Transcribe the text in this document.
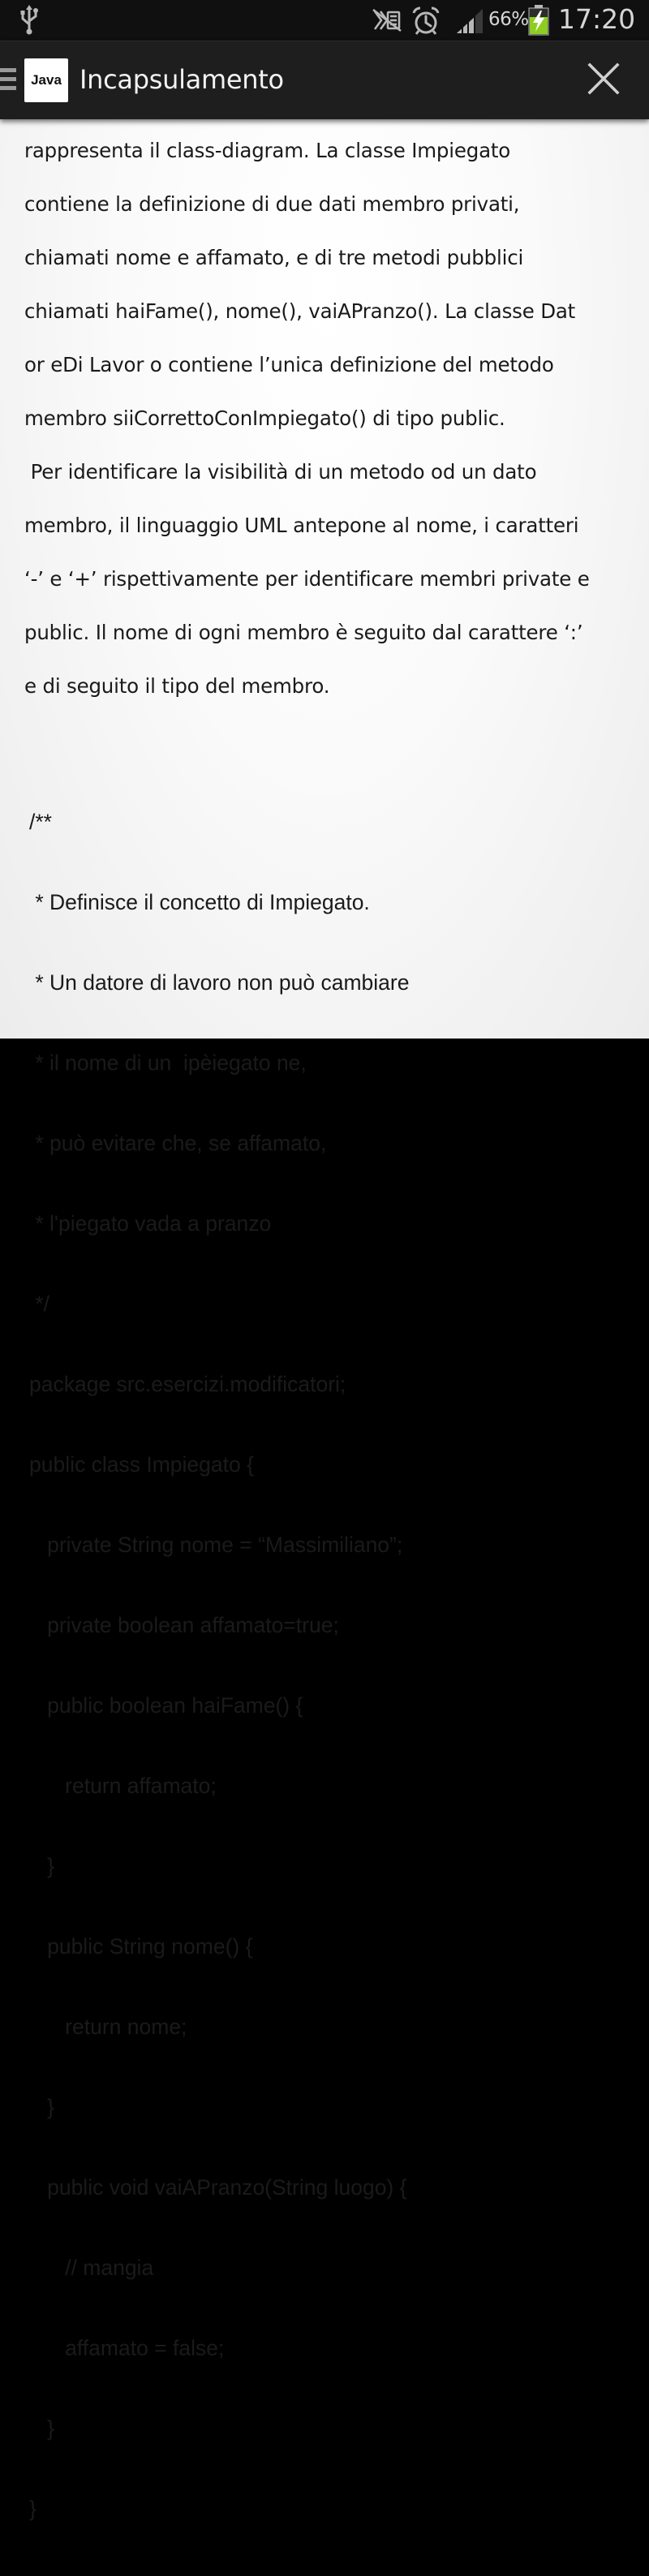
66% 17:20
Java Incapsulamento

rappresenta il class-diagram. La classe Impiegato

contiene la definizione di due dati membro privati,

chiamati nome e affamato, e di tre metodi pubblici

chiamati haiFame(), nome(), vaiAPranzo(). La classe Dat

or eDi Lavor o contiene l’unica definizione del metodo

membro siiCorrettoConImpiegato() di tipo public.

Per identificare la visibilità di un metodo od un dato

membro, il linguaggio UML antepone al nome, i caratteri

‘-’ e ‘+’ rispettivamente per identificare membri private e

public. Il nome di ogni membro è seguito dal carattere ‘:’

e di seguito il tipo del membro.

/**

* Definisce il concetto di Impiegato.

* Un datore di lavoro non può cambiare

* il nome di un  ipèiegato ne,

* può evitare che, se affamato,

* l'piegato vada a pranzo

*/

package src.esercizi.modificatori;

public class Impiegato {

private String nome = “Massimiliano”;

private boolean affamato=true;

public boolean haiFame() {

return affamato;

}

public String nome() {

return nome;

}

public void vaiAPranzo(String luogo) {

// mangia

affamato = false;

}

}
